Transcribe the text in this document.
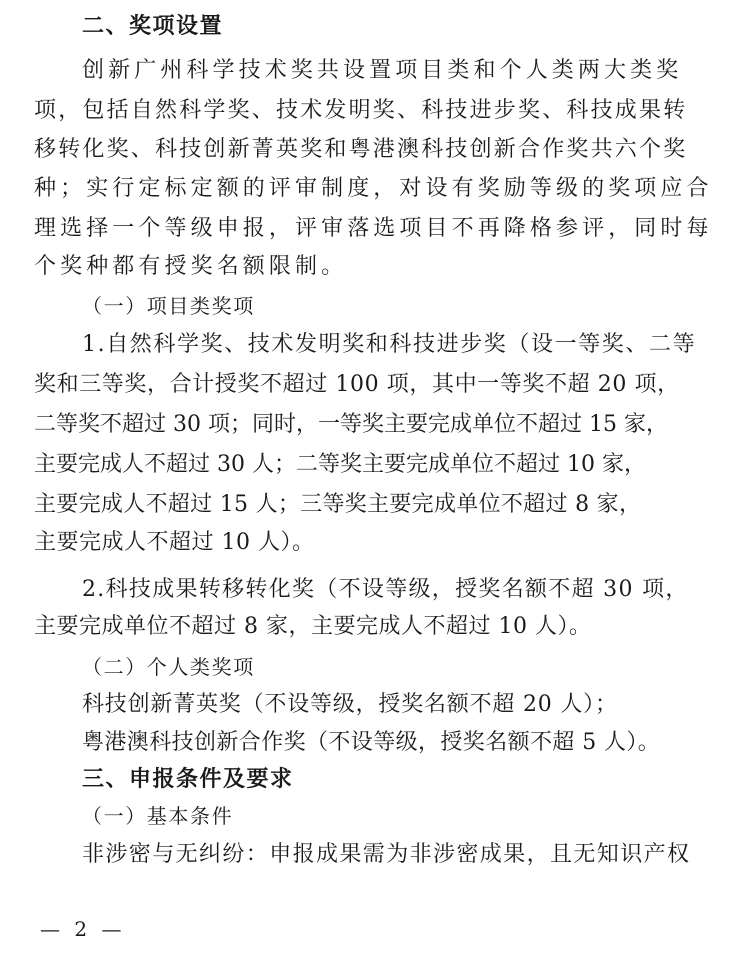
二、奖项设置
创新广州科学技术奖共设置项目类和个人类两大类奖
项，包括自然科学奖、技术发明奖、科技进步奖、科技成果转
移转化奖、科技创新菁英奖和粤港澳科技创新合作奖共六个奖
种；实行定标定额的评审制度，对设有奖励等级的奖项应合
理选择一个等级申报，评审落选项目不再降格参评，同时每
个奖种都有授奖名额限制。
（一）项目类奖项
1.自然科学奖、技术发明奖和科技进步奖（设一等奖、二等
奖和三等奖，合计授奖不超过 100 项，其中一等奖不超 20 项，
二等奖不超过 30 项；同时，一等奖主要完成单位不超过 15 家，
主要完成人不超过 30 人；二等奖主要完成单位不超过 10 家，
主要完成人不超过 15 人；三等奖主要完成单位不超过 8 家，
主要完成人不超过 10 人）。
2.科技成果转移转化奖（不设等级，授奖名额不超 30 项，
主要完成单位不超过 8 家，主要完成人不超过 10 人）。
（二）个人类奖项
科技创新菁英奖（不设等级，授奖名额不超 20 人）；
粤港澳科技创新合作奖（不设等级，授奖名额不超 5 人）。
三、申报条件及要求
（一）基本条件
非涉密与无纠纷：申报成果需为非涉密成果，且无知识产权
— 2 —
